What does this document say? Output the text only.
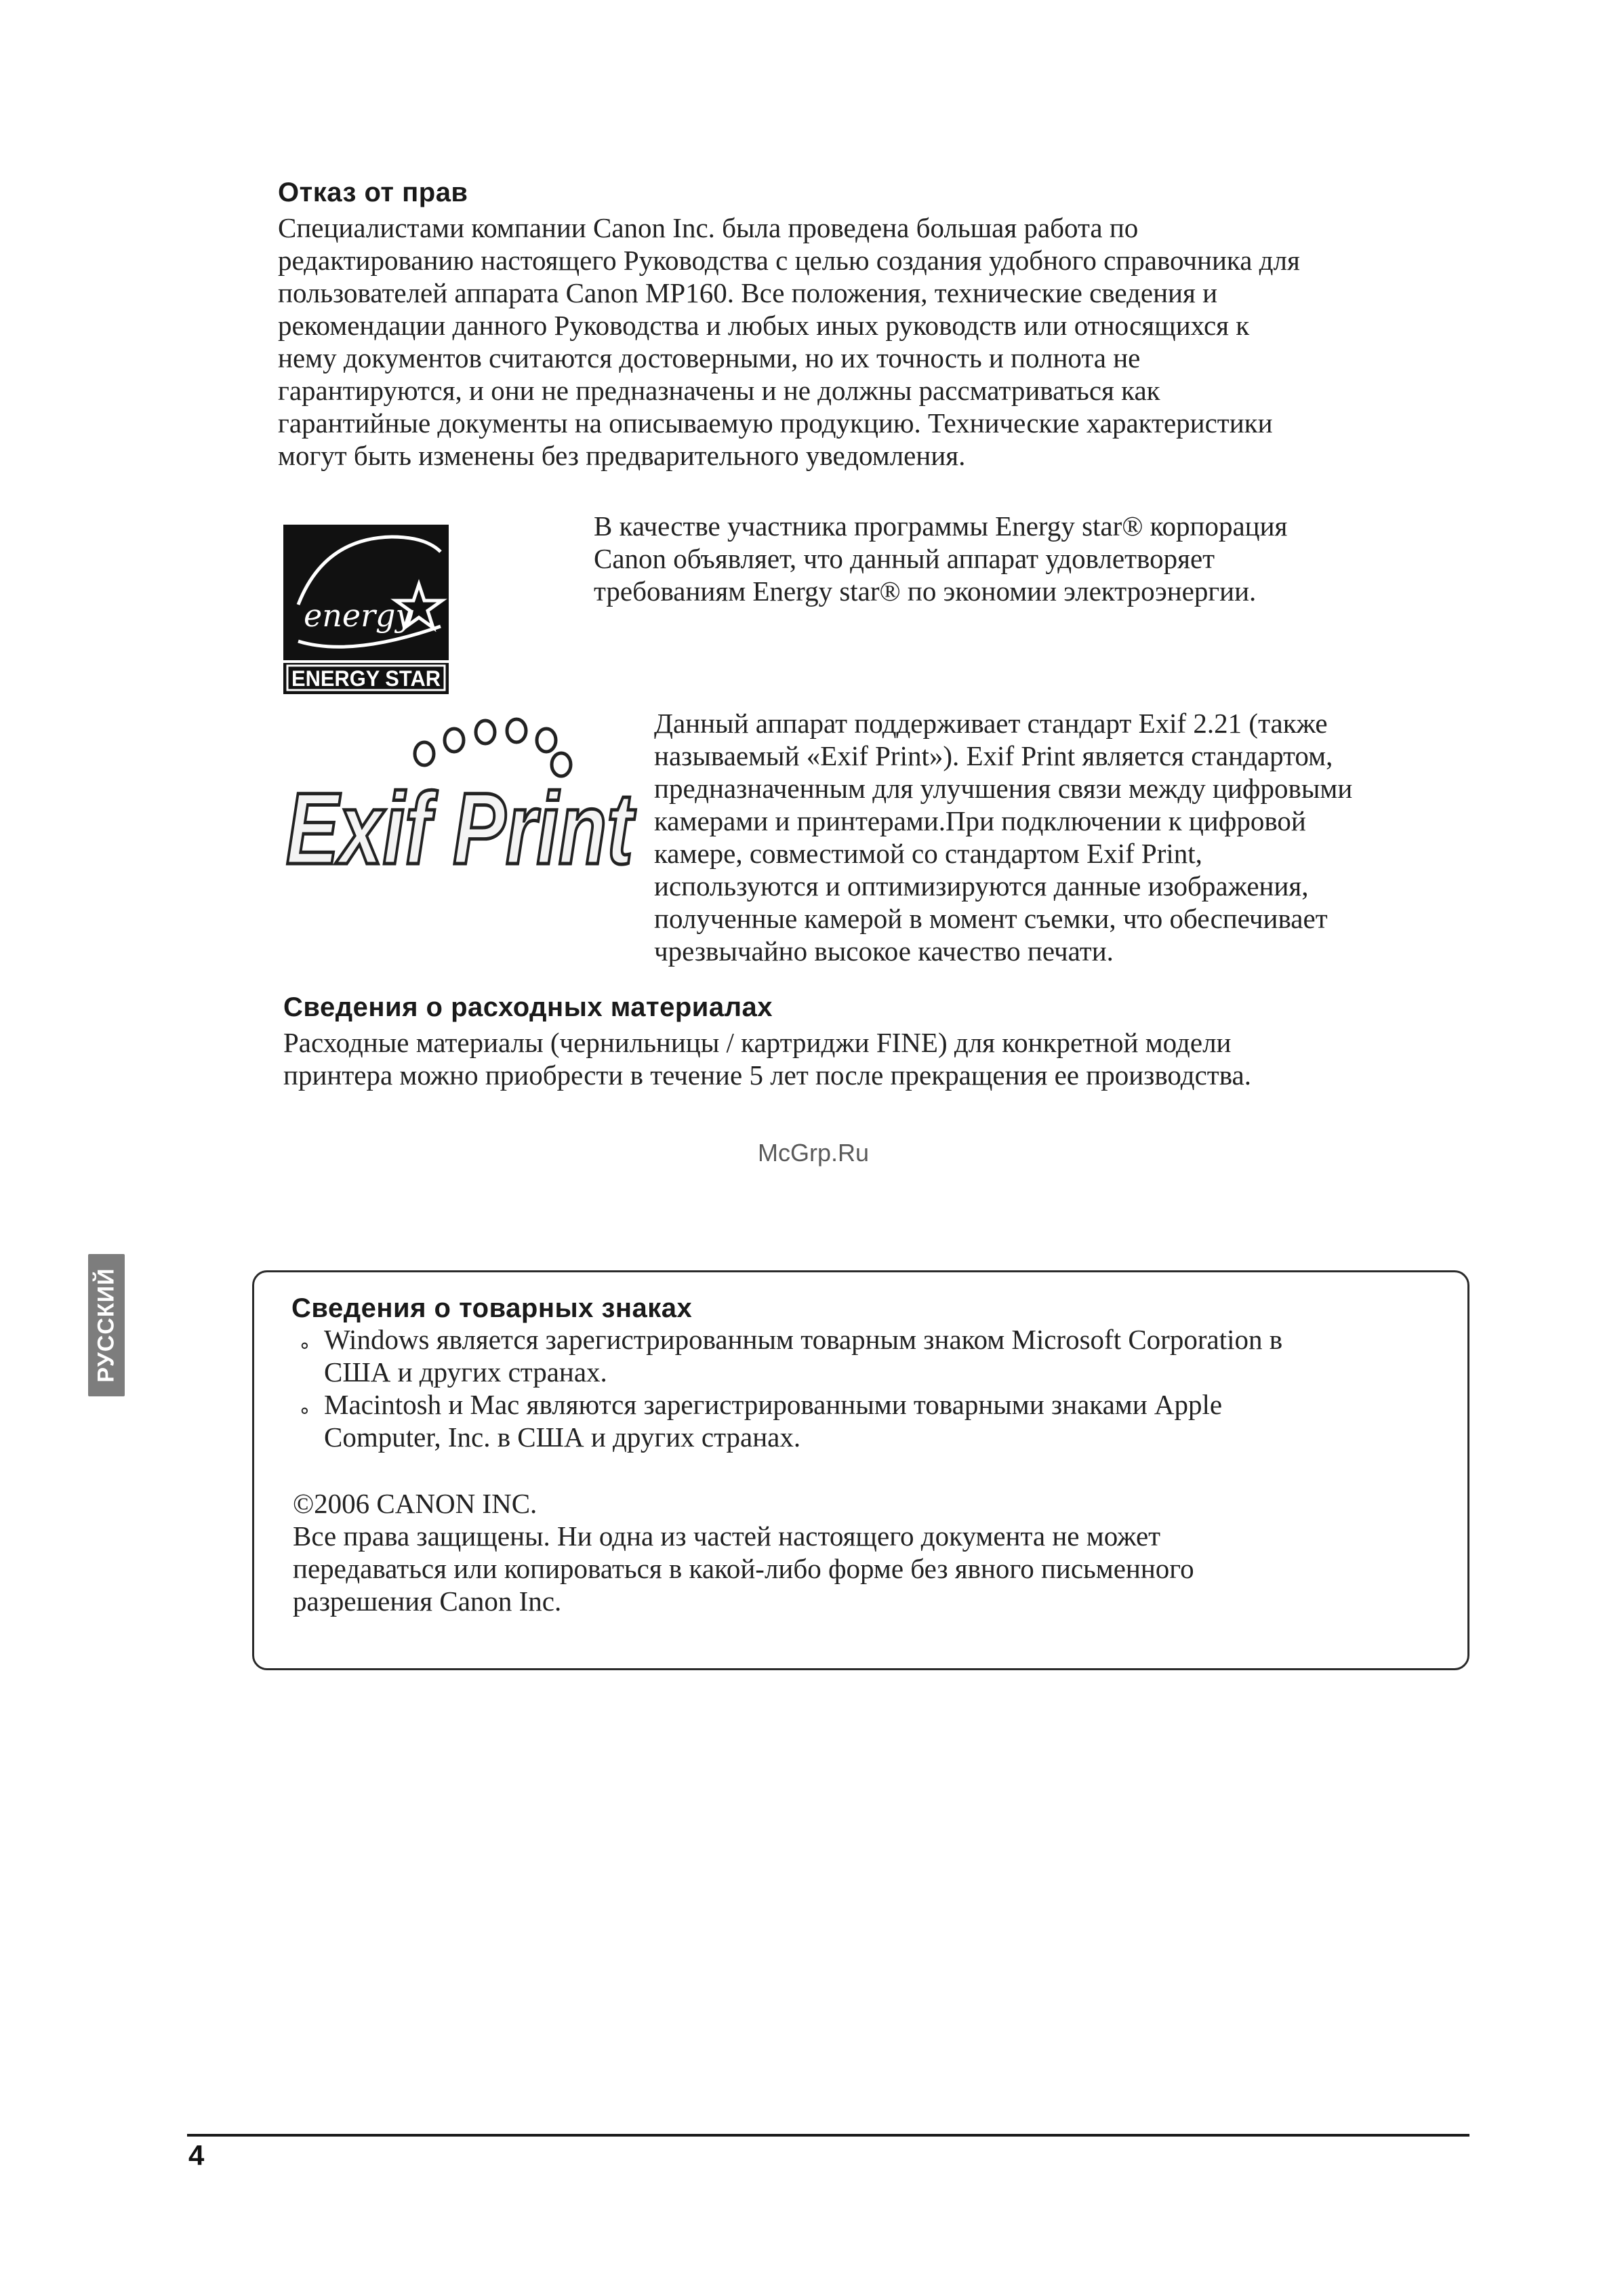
Отказ от прав

Специалистами компании Canon Inc. была проведена большая работа по
редактированию настоящего Руководства с целью создания удобного справочника для
пользователей аппарата Canon MP160. Все положения, технические сведения и
рекомендации данного Руководства и любых иных руководств или относящихся к
нему документов считаются достоверными, но их точность и полнота не
гарантируются, и они не предназначены и не должны рассматриваться как
гарантийные документы на описываемую продукцию. Технические характеристики
могут быть изменены без предварительного уведомления.

energy
ENERGY STAR

В качестве участника программы Energy star® корпорация
Canon объявляет, что данный аппарат удовлетворяет
требованиям Energy star® по экономии электроэнергии.

Exif Print

Данный аппарат поддерживает стандарт Exif 2.21 (также
называемый «Exif Print»). Exif Print является стандартом,
предназначенным для улучшения связи между цифровыми
камерами и принтерами.При подключении к цифровой
камере, совместимой со стандартом Exif Print,
используются и оптимизируются данные изображения,
полученные камерой в момент съемки, что обеспечивает
чрезвычайно высокое качество печати.

Сведения о расходных материалах

Расходные материалы (чернильницы / картриджи FINE) для конкретной модели
принтера можно приобрести в течение 5 лет после прекращения ее производства.

McGrp.Ru
РУССКИЙ	Сведения о товарных знаках
∘ Windows является зарегистрированным товарным знаком Microsoft Corporation в
США и других странах.
∘ Macintosh и Mac являются зарегистрированными товарными знаками Apple
Computer, Inc. в США и других странах.

©2006 CANON INC.

Все права защищены. Ни одна из частей настоящего документа не может
передаваться или копироваться в какой-либо форме без явного письменного
разрешения Canon Inc.

4
